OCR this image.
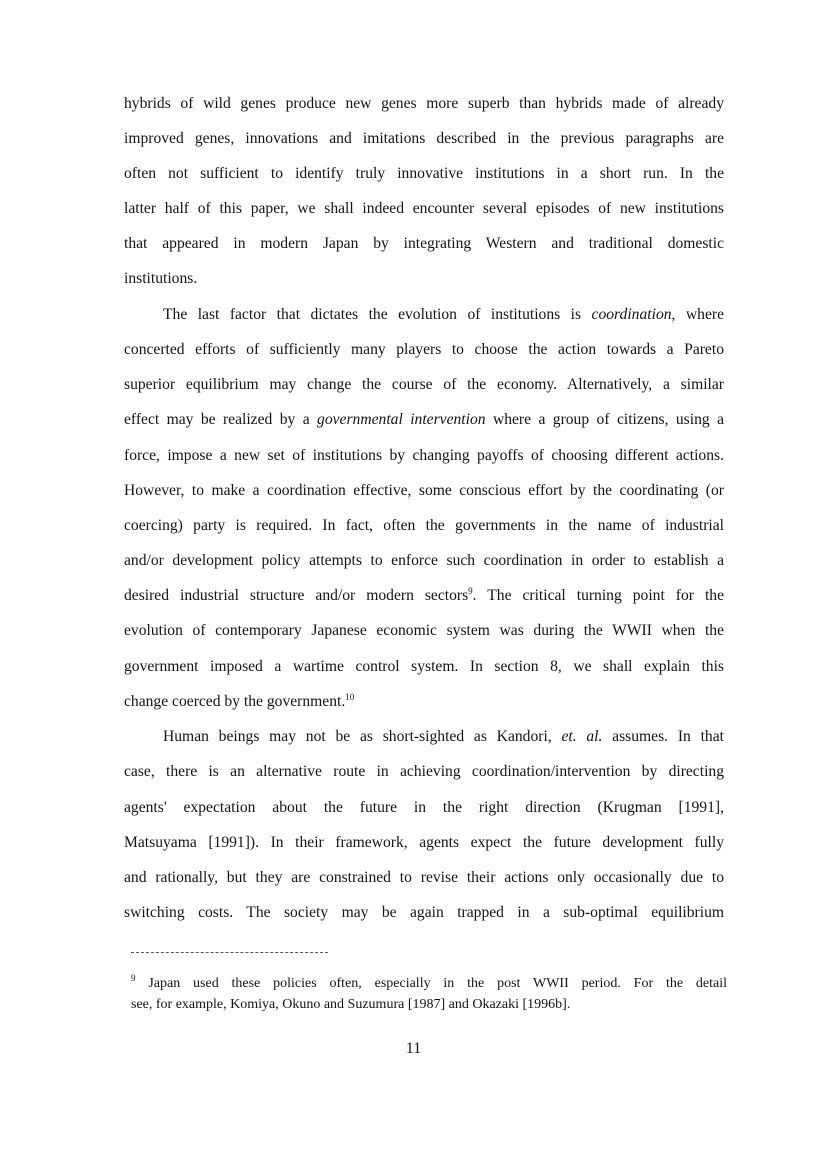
hybrids of wild genes produce new genes more superb than hybrids made of already
improved genes, innovations and imitations described in the previous paragraphs are
often not sufficient to identify truly innovative institutions in a short run. In the
latter half of this paper, we shall indeed encounter several episodes of new institutions
that appeared in modern Japan by integrating Western and traditional domestic
institutions.
The last factor that dictates the evolution of institutions is coordination, where
concerted efforts of sufficiently many players to choose the action towards a Pareto
superior equilibrium may change the course of the economy. Alternatively, a similar
effect may be realized by a governmental intervention where a group of citizens, using a
force, impose a new set of institutions by changing payoffs of choosing different actions.
However, to make a coordination effective, some conscious effort by the coordinating (or
coercing) party is required. In fact, often the governments in the name of industrial
and/or development policy attempts to enforce such coordination in order to establish a
desired industrial structure and/or modern sectors$^9$. The critical turning point for the
evolution of contemporary Japanese economic system was during the WWII when the
government imposed a wartime control system. In section 8, we shall explain this
change coerced by the government.$^{10}$
Human beings may not be as short-sighted as Kandori, et. al. assumes. In that
case, there is an alternative route in achieving coordination/intervention by directing
agents' expectation about the future in the right direction (Krugman [1991],
Matsuyama [1991]). In their framework, agents expect the future development fully
and rationally, but they are constrained to revise their actions only occasionally due to
switching costs. The society may be again trapped in a sub-optimal equilibrium
$^9$ Japan used these policies often, especially in the post WWII period. For the detail
see, for example, Komiya, Okuno and Suzumura [1987] and Okazaki [1996b].
11
